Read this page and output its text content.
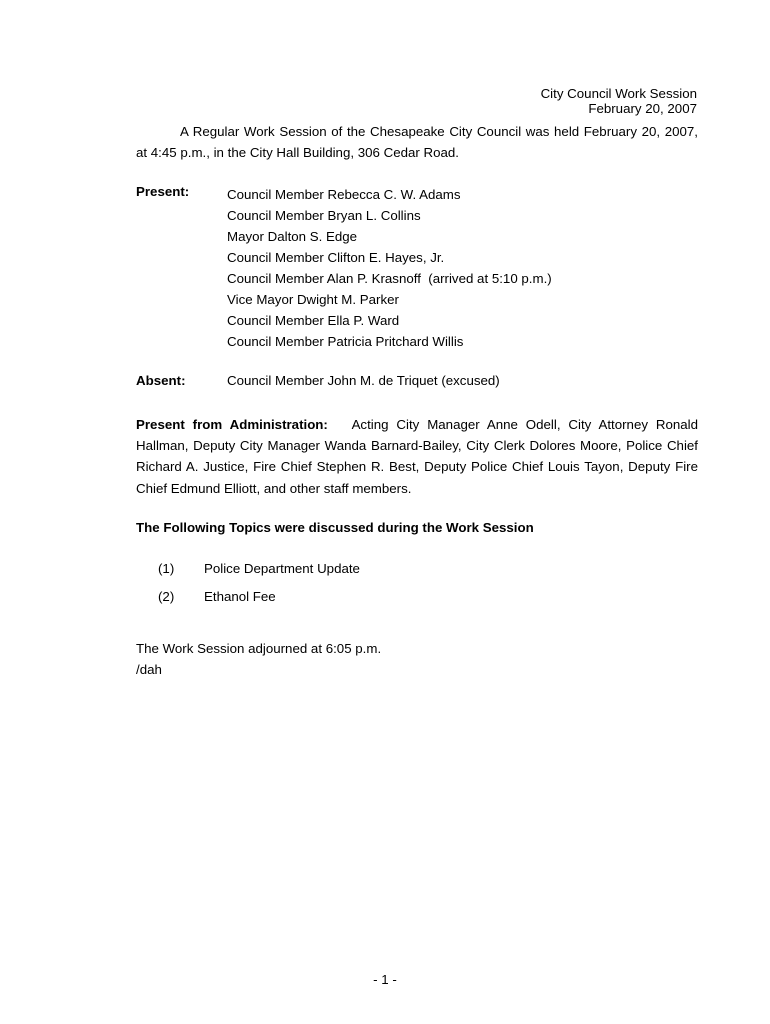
City Council Work Session
February 20, 2007
A Regular Work Session of the Chesapeake City Council was held February 20, 2007, at 4:45 p.m., in the City Hall Building, 306 Cedar Road.
Present:	Council Member Rebecca C. W. Adams
Council Member Bryan L. Collins
Mayor Dalton S. Edge
Council Member Clifton E. Hayes, Jr.
Council Member Alan P. Krasnoff  (arrived at 5:10 p.m.)
Vice Mayor Dwight M. Parker
Council Member Ella P. Ward
Council Member Patricia Pritchard Willis
Absent:	Council Member John M. de Triquet (excused)
Present from Administration: Acting City Manager Anne Odell, City Attorney Ronald Hallman, Deputy City Manager Wanda Barnard-Bailey, City Clerk Dolores Moore, Police Chief Richard A. Justice, Fire Chief Stephen R. Best, Deputy Police Chief Louis Tayon, Deputy Fire Chief Edmund Elliott, and other staff members.
The Following Topics were discussed during the Work Session
(1) Police Department Update
(2) Ethanol Fee
The Work Session adjourned at 6:05 p.m.
/dah
- 1 -
